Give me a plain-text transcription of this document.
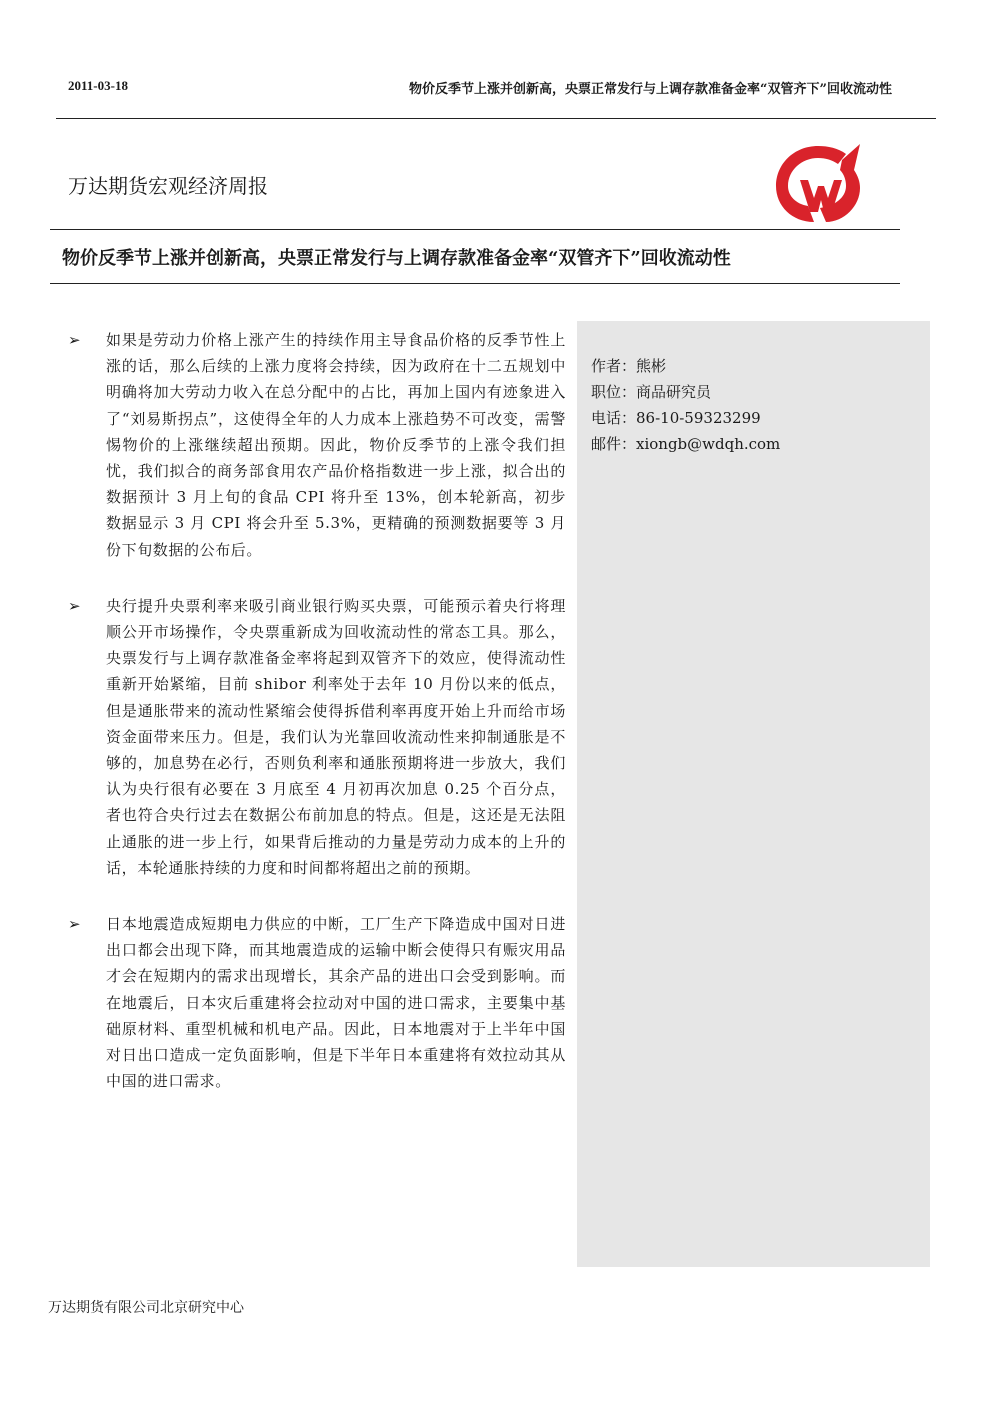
2011-03-18	物价反季节上涨并创新高，央票正常发行与上调存款准备金率“双管齐下”回收流动性
万达期货宏观经济周报
物价反季节上涨并创新高，央票正常发行与上调存款准备金率“双管齐下”回收流动性
➢ 如果是劳动力价格上涨产生的持续作用主导食品价格的反季节性上涨的话，那么后续的上涨力度将会持续，因为政府在十二五规划中明确将加大劳动力收入在总分配中的占比，再加上国内有迹象进入了“刘易斯拐点”，这使得全年的人力成本上涨趋势不可改变，需警惕物价的上涨继续超出预期。因此，物价反季节的上涨令我们担忧，我们拟合的商务部食用农产品价格指数进一步上涨，拟合出的数据预计 3 月上旬的食品 CPI 将升至 13%，创本轮新高，初步数据显示 3 月 CPI 将会升至 5.3%，更精确的预测数据要等 3 月份下旬数据的公布后。
➢ 央行提升央票利率来吸引商业银行购买央票，可能预示着央行将理顺公开市场操作，令央票重新成为回收流动性的常态工具。那么，央票发行与上调存款准备金率将起到双管齐下的效应，使得流动性重新开始紧缩，目前 shibor 利率处于去年 10 月份以来的低点，但是通胀带来的流动性紧缩会使得拆借利率再度开始上升而给市场资金面带来压力。但是，我们认为光靠回收流动性来抑制通胀是不够的，加息势在必行，否则负利率和通胀预期将进一步放大，我们认为央行很有必要在 3 月底至 4 月初再次加息 0.25 个百分点，者也符合央行过去在数据公布前加息的特点。但是，这还是无法阻止通胀的进一步上行，如果背后推动的力量是劳动力成本的上升的话，本轮通胀持续的力度和时间都将超出之前的预期。
➢ 日本地震造成短期电力供应的中断，工厂生产下降造成中国对日进出口都会出现下降，而其地震造成的运输中断会使得只有赈灾用品才会在短期内的需求出现增长，其余产品的进出口会受到影响。而在地震后，日本灾后重建将会拉动对中国的进口需求，主要集中基础原材料、重型机械和机电产品。因此，日本地震对于上半年中国对日出口造成一定负面影响，但是下半年日本重建将有效拉动其从中国的进口需求。
作者：熊彬
职位：商品研究员
电话：86-10-59323299
邮件：xiongb@wdqh.com
万达期货有限公司北京研究中心
